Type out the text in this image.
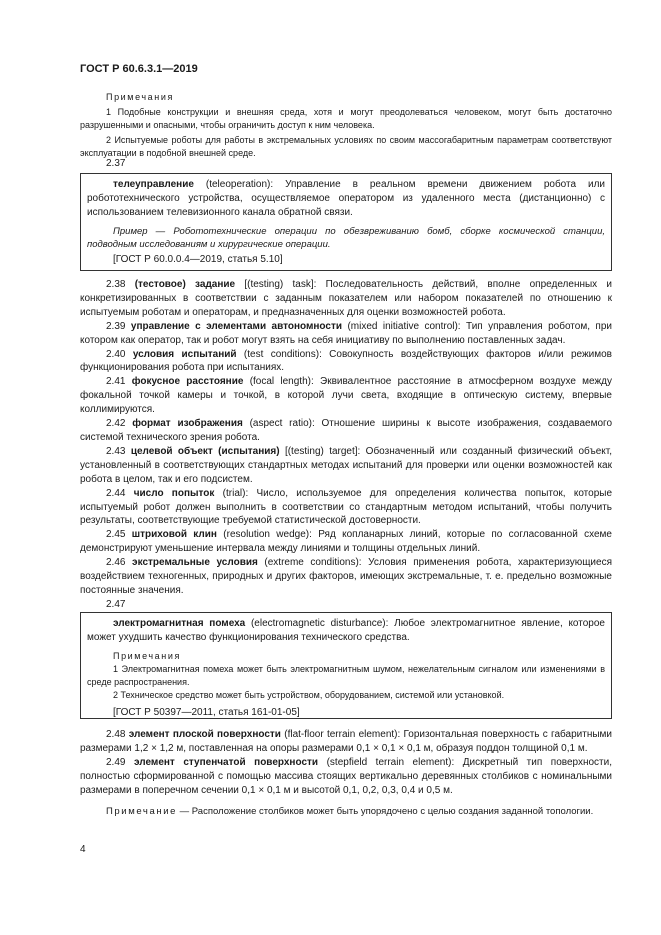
ГОСТ Р 60.6.3.1—2019

Примечания

1 Подобные конструкции и внешняя среда, хотя и могут преодолеваться человеком, могут быть достаточно разрушенными и опасными, чтобы ограничить доступ к ним человека.

2 Испытуемые роботы для работы в экстремальных условиях по своим массогабаритным параметрам соответствуют эксплуатации в подобной внешней среде.

2.37

телеуправление (teleoperation): Управление в реальном времени движением робота или робототехнического устройства, осуществляемое оператором из удаленного места (дистанционно) с использованием телевизионного канала обратной связи.

Пример — Робототехнические операции по обезвреживанию бомб, сборке космической станции, подводным исследованиям и хирургические операции.

[ГОСТ Р 60.0.0.4—2019, статья 5.10]

2.38 (тестовое) задание [(testing) task]: Последовательность действий, вполне определенных и конкретизированных в соответствии с заданным показателем или набором показателей по отношению к испытуемым роботам и операторам, и предназначенных для оценки возможностей робота.

2.39 управление с элементами автономности (mixed initiative control): Тип управления роботом, при котором как оператор, так и робот могут взять на себя инициативу по выполнению поставленных задач.

2.40 условия испытаний (test conditions): Совокупность воздействующих факторов и/или режимов функционирования робота при испытаниях.

2.41 фокусное расстояние (focal length): Эквивалентное расстояние в атмосферном воздухе между фокальной точкой камеры и точкой, в которой лучи света, входящие в оптическую систему, впервые коллимируются.

2.42 формат изображения (aspect ratio): Отношение ширины к высоте изображения, создаваемого системой технического зрения робота.

2.43 целевой объект (испытания) [(testing) target]: Обозначенный или созданный физический объект, установленный в соответствующих стандартных методах испытаний для проверки или оценки возможностей как робота в целом, так и его подсистем.

2.44 число попыток (trial): Число, используемое для определения количества попыток, которые испытуемый робот должен выполнить в соответствии со стандартным методом испытаний, чтобы получить результаты, соответствующие требуемой статистической достоверности.

2.45 штриховой клин (resolution wedge): Ряд копланарных линий, которые по согласованной схеме демонстрируют уменьшение интервала между линиями и толщины отдельных линий.

2.46 экстремальные условия (extreme conditions): Условия применения робота, характеризующиеся воздействием техногенных, природных и других факторов, имеющих экстремальные, т. е. предельно возможные постоянные значения.

2.47

электромагнитная помеха (electromagnetic disturbance): Любое электромагнитное явление, которое может ухудшить качество функционирования технического средства.

Примечания

1 Электромагнитная помеха может быть электромагнитным шумом, нежелательным сигналом или изменениями в среде распространения.

2 Техническое средство может быть устройством, оборудованием, системой или установкой.

[ГОСТ Р 50397—2011, статья 161-01-05]

2.48 элемент плоской поверхности (flat-floor terrain element): Горизонтальная поверхность с габаритными размерами 1,2 × 1,2 м, поставленная на опоры размерами 0,1 × 0,1 × 0,1 м, образуя поддон толщиной 0,1 м.

2.49 элемент ступенчатой поверхности (stepfield terrain element): Дискретный тип поверхности, полностью сформированной с помощью массива стоящих вертикально деревянных столбиков с номинальными размерами в поперечном сечении 0,1 × 0,1 м и высотой 0,1, 0,2, 0,3, 0,4 и 0,5 м.

Примечание — Расположение столбиков может быть упорядочено с целью создания заданной топологии.

4
